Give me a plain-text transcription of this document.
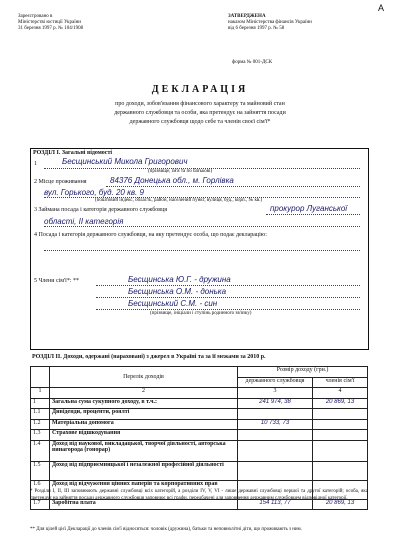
A
Зареєстровано в
Міністерстві юстиції України
31 березня 1997 р. № 104/1908
ЗАТВЕРДЖЕНА
наказом Міністерства фінансів України
від 6 березня 1997 р. № 58
форма № 001-ДСК
ДЕКЛАРАЦІЯ
про доходи, зобов'язання фінансового характеру та майновий стан
державного службовця та особи, яка претендує на зайняття посади
державного службовця щодо себе та членів своєї сім'ї*
РОЗДІЛ І. Загальні відомості
1	Бесщинський Микола Григорович
(прізвище, ім'я та по батькові)
2 Місце проживання	84376 Донецька обл., м. Горлівка
вул. Горького, буд. 20 кв. 9
(поштовий індекс, область, район, населений пункт, вулиця, буд., корп., № кв.)
3 Займана посада і категорія державного службовця	прокурор Луганської
області, II категорія
4 Посада і категорія державного службовця, на яку претендує особа, що подає декларацію:
5 Члени сім'ї*: **	Бесщинська Ю.Г. - дружина
Бесщинська О.М. - донька
Бесщинський С.М. - син
(прізвище, ініціали і ступінь родинного зв'язку)
РОЗДІЛ ІІ. Доходи, одержані (нараховані) з джерел в Україні та за її межами за 2010 р.
	Перелік доходів	Розмір доходу (грн.)	
		державного службовця	членів сім'ї
1	2	3	4
1	Загальна сума сукупного доходу, в т.ч.:	241 974, 38	20 869, 13
1.1	Дивіденди, проценти, роялті		
1.2	Матеріальна допомога	10 733, 73	
1.3	Страхове відшкодування		
1.4	Доход від наукової, викладацької, творчої діяльності, авторська винагорода (гонорар)		
1.5	Доход від підприємницької і незалежної професійної діяльності		
1.6	Доход від відчуження цінних паперів та корпоративних прав		
1.7	Заробітна плата	154 113, 77	20 869, 13
* Розділи І, ІІ, ІІІ заповнюють державні службовці всіх категорій, а розділи IV, V, VI - лише державні службовці першої та другої категорій; особа, яка претендує на зайняття посади державного службовця заповнює всі графи, передбачені для заповнення державним службовцем відповідної категорії.
** Для цілей цієї Декларації до членів сім'ї відносяться: чоловік (дружина), батьки та неповнолітні діти, що проживають з ним.
